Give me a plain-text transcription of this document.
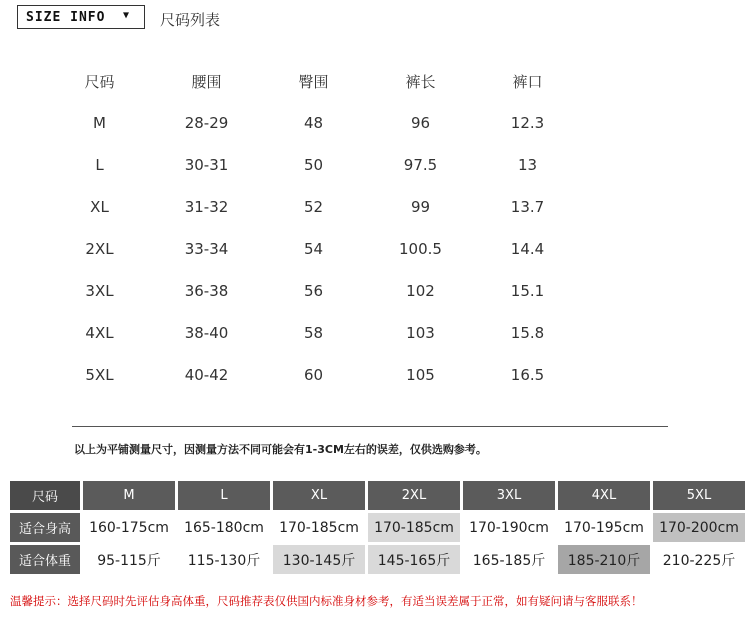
SIZE INFO ▼ 尺码列表
尺码	腰围	臀围	裤长	裤口
M	28-29	48	96	12.3
L	30-31	50	97.5	13
XL	31-32	52	99	13.7
2XL	33-34	54	100.5	14.4
3XL	36-38	56	102	15.1
4XL	38-40	58	103	15.8
5XL	40-42	60	105	16.5
以上为平铺测量尺寸，因测量方法不同可能会有1-3CM左右的误差，仅供选购参考。
尺码	M	L	XL	2XL	3XL	4XL	5XL
适合身高	160-175cm	165-180cm	170-185cm	170-185cm	170-190cm	170-195cm	170-200cm
适合体重	95-115斤	115-130斤	130-145斤	145-165斤	165-185斤	185-210斤	210-225斤
温馨提示：选择尺码时先评估身高体重，尺码推荐表仅供国内标准身材参考，有适当误差属于正常，如有疑问请与客服联系！
